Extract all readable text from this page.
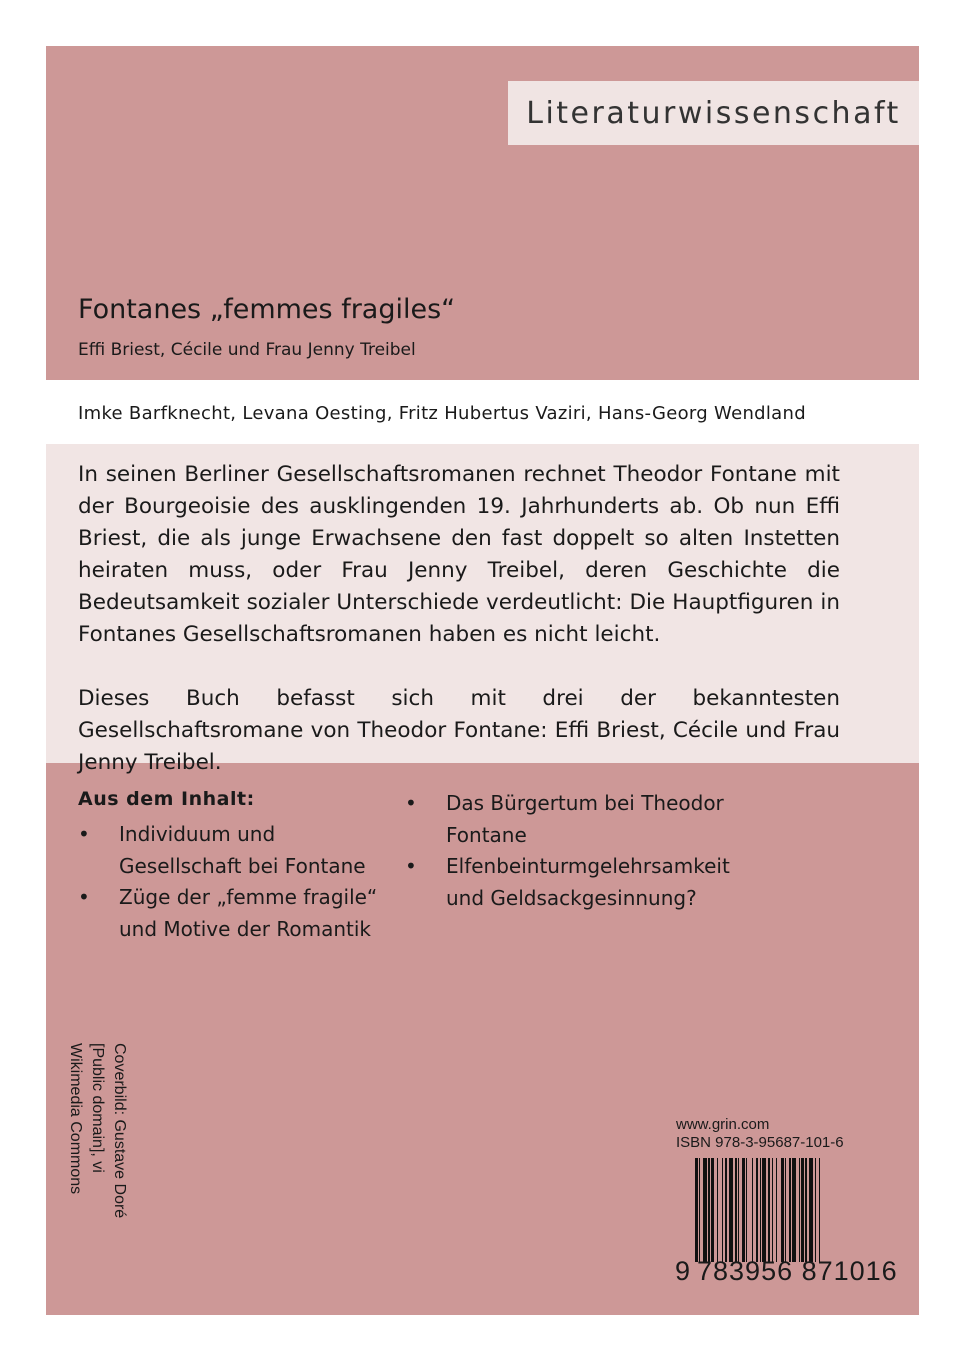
Literaturwissenschaft
Fontanes „femmes fragiles“
Effi Briest, Cécile und Frau Jenny Treibel
Imke Barfknecht, Levana Oesting, Fritz Hubertus Vaziri, Hans-Georg Wendland

In seinen Berliner Gesellschaftsromanen rechnet Theodor Fontane mit der Bourgeoisie des ausklingenden 19. Jahrhunderts ab. Ob nun Effi Briest, die als junge Erwachsene den fast doppelt so alten Instetten heiraten muss, oder Frau Jenny Treibel, deren Geschichte die Bedeutsamkeit sozialer Unterschiede verdeutlicht: Die Hauptfiguren in Fontanes Gesellschaftsromanen haben es nicht leicht.

Dieses Buch befasst sich mit drei der bekanntesten Gesellschaftsromane von Theodor Fontane: Effi Briest, Cécile und Frau Jenny Treibel.

Aus dem Inhalt:
• Individuum und Gesellschaft bei Fontane
• Züge der „femme fragile“ und Motive der Romantik
• Das Bürgertum bei Theodor Fontane
• Elfenbeinturmgelehrsamkeit und Geldsackgesinnung?
Coverbild: Gustave Doré
[Public domain], vi
Wikimedia Commons	www.grin.com
ISBN 978-3-95687-101-6
9 783956 871016
